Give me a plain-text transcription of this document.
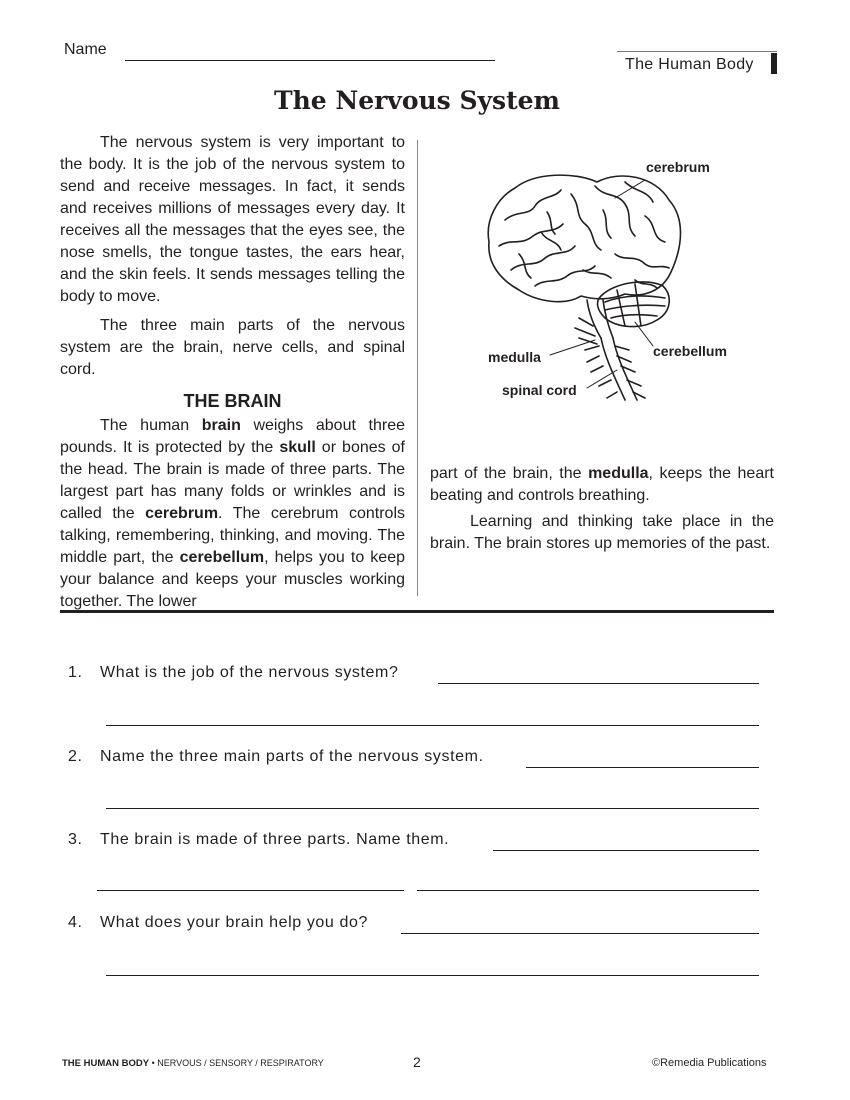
Name
The Human Body
The Nervous System

The nervous system is very important to the body. It is the job of the nervous system to send and receive messages. In fact, it sends and receives millions of messages every day. It receives all the messages that the eyes see, the nose smells, the tongue tastes, the ears hear, and the skin feels. It sends messages telling the body to move.

The three main parts of the nervous system are the brain, nerve cells, and spinal cord.

THE BRAIN

The human brain weighs about three pounds. It is protected by the skull or bones of the head. The brain is made of three parts. The largest part has many folds or wrinkles and is called the cerebrum. The cerebrum controls talking, remembering, thinking, and moving. The middle part, the cerebellum, helps you to keep your balance and keeps your muscles working together. The lower

cerebrum
cerebellum
medulla
spinal cord

part of the brain, the medulla, keeps the heart beating and controls breathing.

Learning and thinking take place in the brain. The brain stores up memories of the past.

1. What is the job of the nervous system?
2. Name the three main parts of the nervous system.
3. The brain is made of three parts. Name them.
4. What does your brain help you do?
THE HUMAN BODY • NERVOUS / SENSORY / RESPIRATORY	2	©Remedia Publications
